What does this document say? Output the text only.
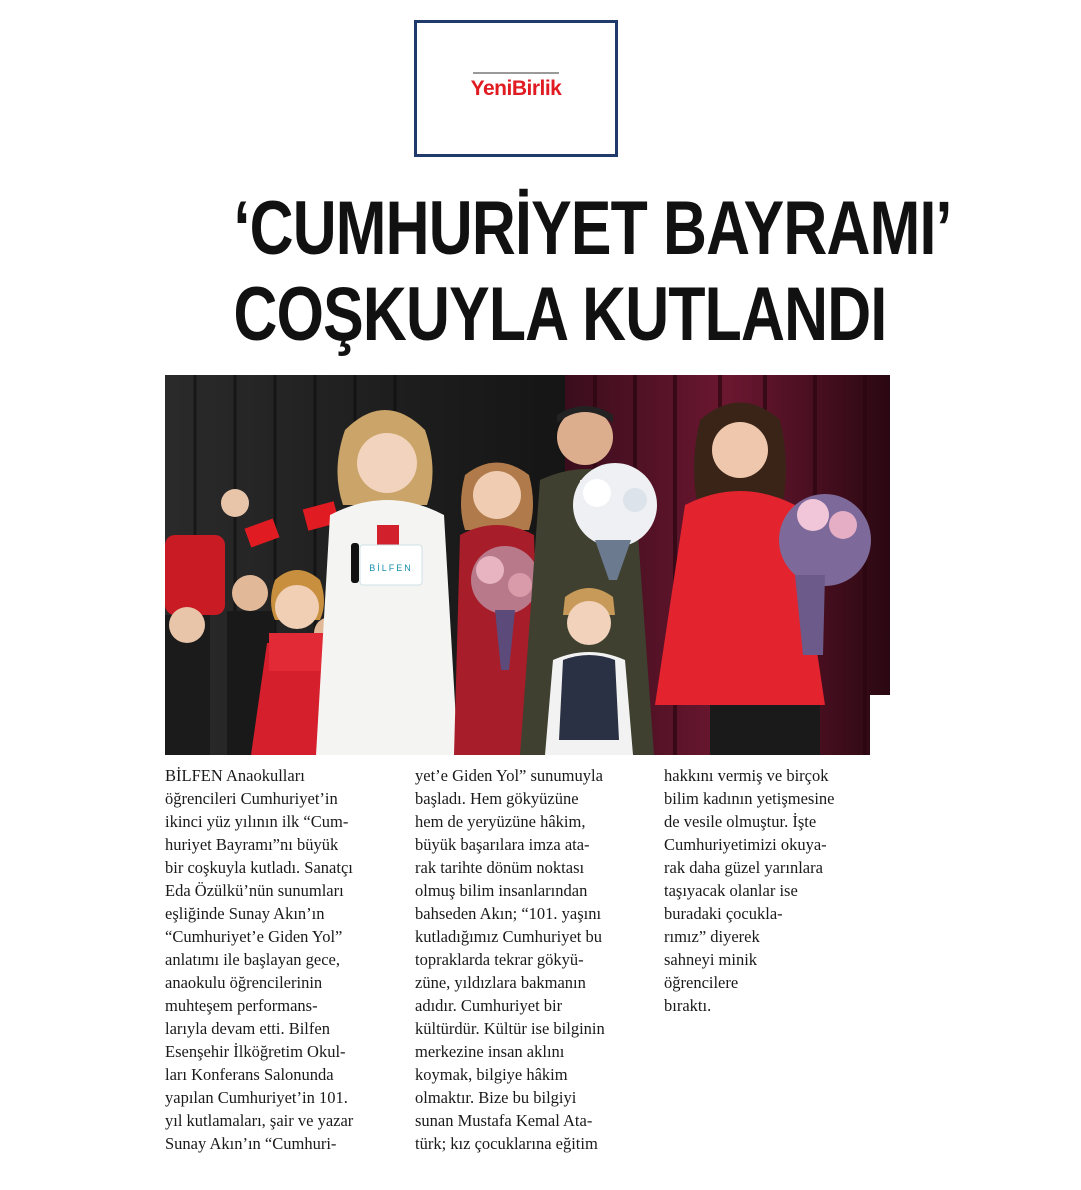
YeniBirlik
‘CUMHURİYET BAYRAMI’
COŞKUYLA KUTLANDI
BİLFEN

BİLFEN Anaokulları
öğrencileri Cumhuriyet’in
ikinci yüz yılının ilk “Cum-
huriyet Bayramı”nı büyük
bir coşkuyla kutladı. Sanatçı
Eda Özülkü’nün sunumları
eşliğinde Sunay Akın’ın
“Cumhuriyet’e Giden Yol”
anlatımı ile başlayan gece,
anaokulu öğrencilerinin
muhteşem performans-
larıyla devam etti. Bilfen
Esenşehir İlköğretim Okul-
ları Konferans Salonunda
yapılan Cumhuriyet’in 101.
yıl kutlamaları, şair ve yazar
Sunay Akın’ın “Cumhuri-

yet’e Giden Yol” sunumuyla
başladı. Hem gökyüzüne
hem de yeryüzüne hâkim,
büyük başarılara imza ata-
rak tarihte dönüm noktası
olmuş bilim insanlarından
bahseden Akın; “101. yaşını
kutladığımız Cumhuriyet bu
topraklarda tekrar gökyü-
züne, yıldızlara bakmanın
adıdır. Cumhuriyet bir
kültürdür. Kültür ise bilginin
merkezine insan aklını
koymak, bilgiye hâkim
olmaktır. Bize bu bilgiyi
sunan Mustafa Kemal Ata-
türk; kız çocuklarına eğitim

hakkını vermiş ve birçok
bilim kadının yetişmesine
de vesile olmuştur. İşte
Cumhuriyetimizi okuya-
rak daha güzel yarınlara
taşıyacak olanlar ise
buradaki çocukla-
rımız” diyerek
sahneyi minik
öğrencilere
bıraktı.
